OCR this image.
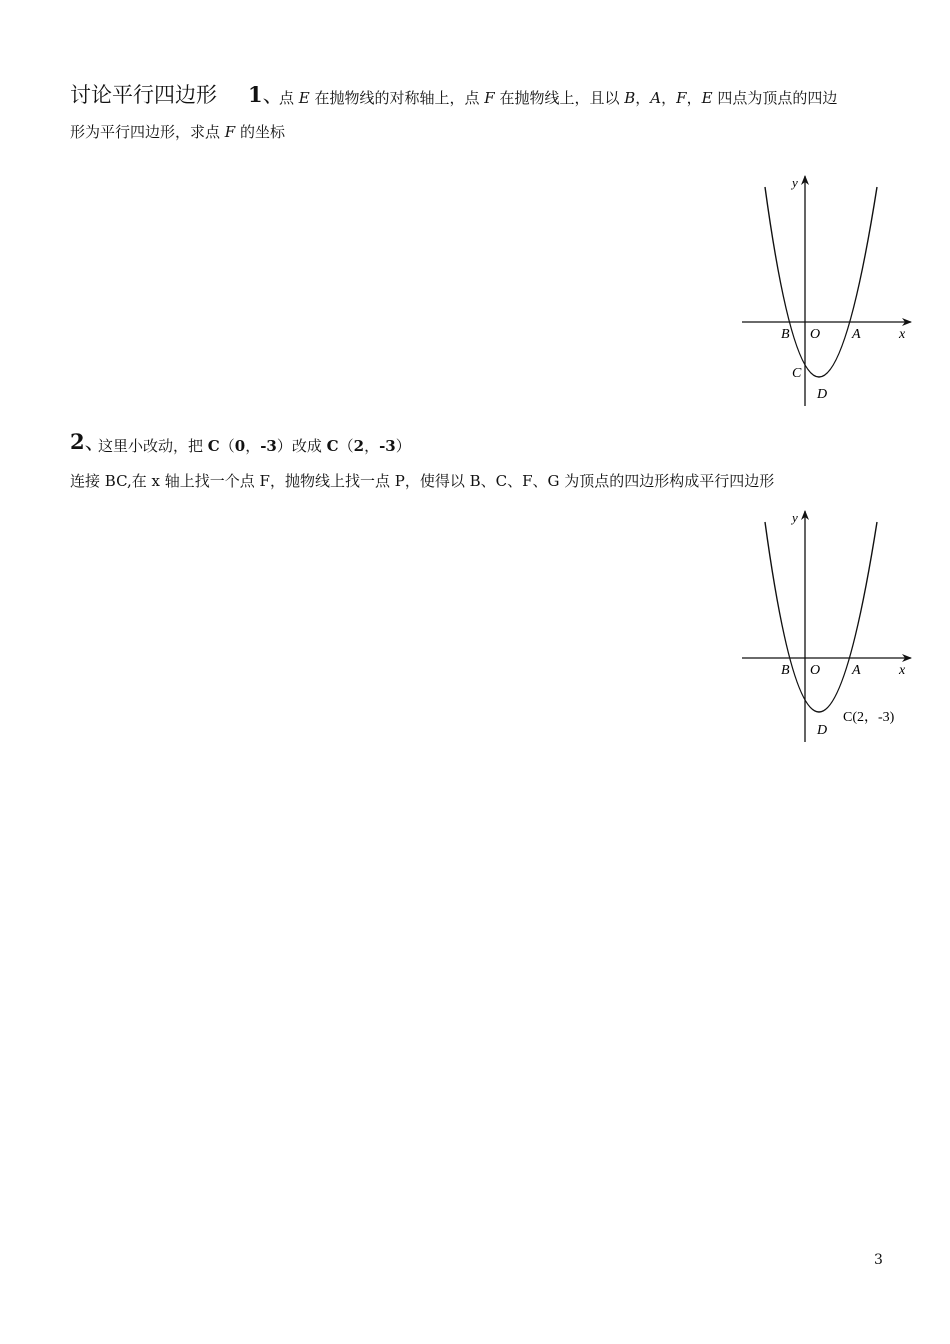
讨论平行四边形 1、
点 E 在抛物线的对称轴上，点 F 在抛物线上，且以 B，A，F，E 四点为顶点的四边
形为平行四边形，求点 F 的坐标
y
x
B O A
C
D
2、
这里小改动，把 C（0，-3）改成 C（2，-3）
连接 BC,在 x 轴上找一个点 F，抛物线上找一点 P，使得以 B、C、F、G 为顶点的四边形构成平行四边形
y
x
B O A
D
C(2，-3)
3
